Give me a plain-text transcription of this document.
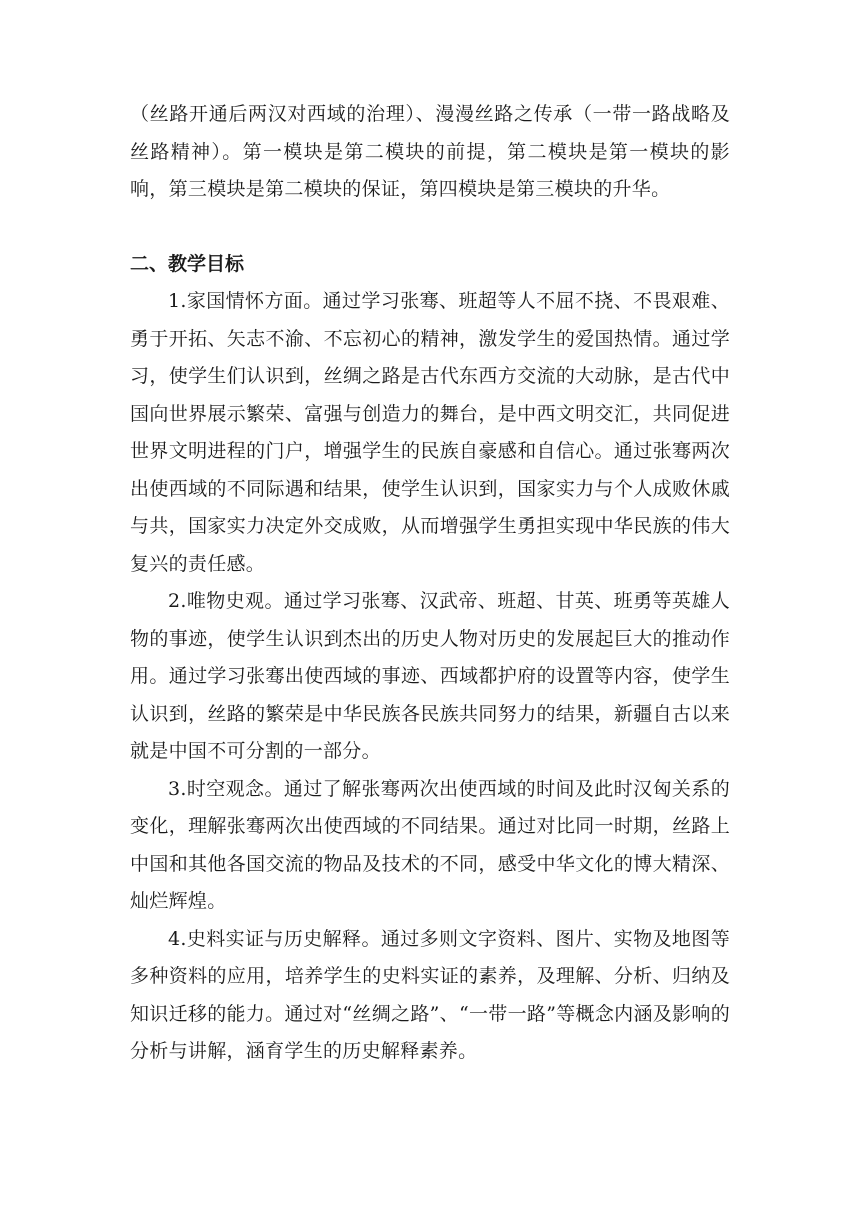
（丝路开通后两汉对西域的治理）、漫漫丝路之传承（一带一路战略及丝路精神）。第一模块是第二模块的前提，第二模块是第一模块的影响，第三模块是第二模块的保证，第四模块是第三模块的升华。

二、教学目标

1.家国情怀方面。通过学习张骞、班超等人不屈不挠、不畏艰难、勇于开拓、矢志不渝、不忘初心的精神，激发学生的爱国热情。通过学习，使学生们认识到，丝绸之路是古代东西方交流的大动脉，是古代中国向世界展示繁荣、富强与创造力的舞台，是中西文明交汇，共同促进世界文明进程的门户，增强学生的民族自豪感和自信心。通过张骞两次出使西域的不同际遇和结果，使学生认识到，国家实力与个人成败休戚与共，国家实力决定外交成败，从而增强学生勇担实现中华民族的伟大复兴的责任感。

2.唯物史观。通过学习张骞、汉武帝、班超、甘英、班勇等英雄人物的事迹，使学生认识到杰出的历史人物对历史的发展起巨大的推动作用。通过学习张骞出使西域的事迹、西域都护府的设置等内容，使学生认识到，丝路的繁荣是中华民族各民族共同努力的结果，新疆自古以来就是中国不可分割的一部分。

3.时空观念。通过了解张骞两次出使西域的时间及此时汉匈关系的变化，理解张骞两次出使西域的不同结果。通过对比同一时期，丝路上中国和其他各国交流的物品及技术的不同，感受中华文化的博大精深、灿烂辉煌。

4.史料实证与历史解释。通过多则文字资料、图片、实物及地图等多种资料的应用，培养学生的史料实证的素养，及理解、分析、归纳及知识迁移的能力。通过对“丝绸之路”、“一带一路”等概念内涵及影响的分析与讲解，涵育学生的历史解释素养。
